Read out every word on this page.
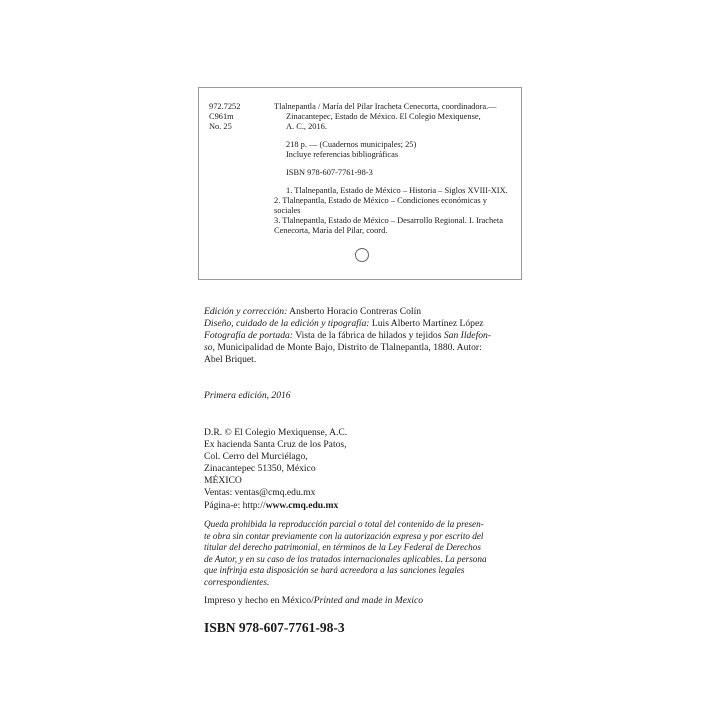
972.7252
C961m
No. 25
Tlalnepantla / María del Pilar Iracheta Cenecorta, coordinadora.—
Zinacantepec, Estado de México. El Colegio Mexiquense,
A. C., 2016.
218 p. — (Cuadernos municipales; 25)
Incluye referencias bibliográficas
ISBN 978-607-7761-98-3
1. Tlalnepantla, Estado de México – Historia – Siglos XVIII-XIX.
2. Tlalnepantla, Estado de México – Condiciones económicas y sociales
3. Tlalnepantla, Estado de México – Desarrollo Regional. I. Iracheta
Cenecorta, María del Pilar, coord.

Edición y corrección: Ansberto Horacio Contreras Colín

Diseño, cuidado de la edición y tipografía: Luis Alberto Martínez López

Fotografía de portada: Vista de la fábrica de hilados y tejidos San Ildefon-
so, Municipalidad de Monte Bajo, Distrito de Tlalnepantla, 1880. Autor:
Abel Briquet.

Primera edición, 2016
D.R. © El Colegio Mexiquense, A.C.
Ex hacienda Santa Cruz de los Patos,
Col. Cerro del Murciélago,
Zinacantepec 51350, México
MÉXICO
Ventas: ventas@cmq.edu.mx
Página-e: http://www.cmq.edu.mx
Queda prohibida la reproducción parcial o total del contenido de la presen-
te obra sin contar previamente con la autorización expresa y por escrito del
titular del derecho patrimonial, en términos de la Ley Federal de Derechos
de Autor, y en su caso de los tratados internacionales aplicables. La persona
que infrinja esta disposición se hará acreedora a las sanciones legales
correspondientes.
Impreso y hecho en México/Printed and made in Mexico
ISBN 978-607-7761-98-3
